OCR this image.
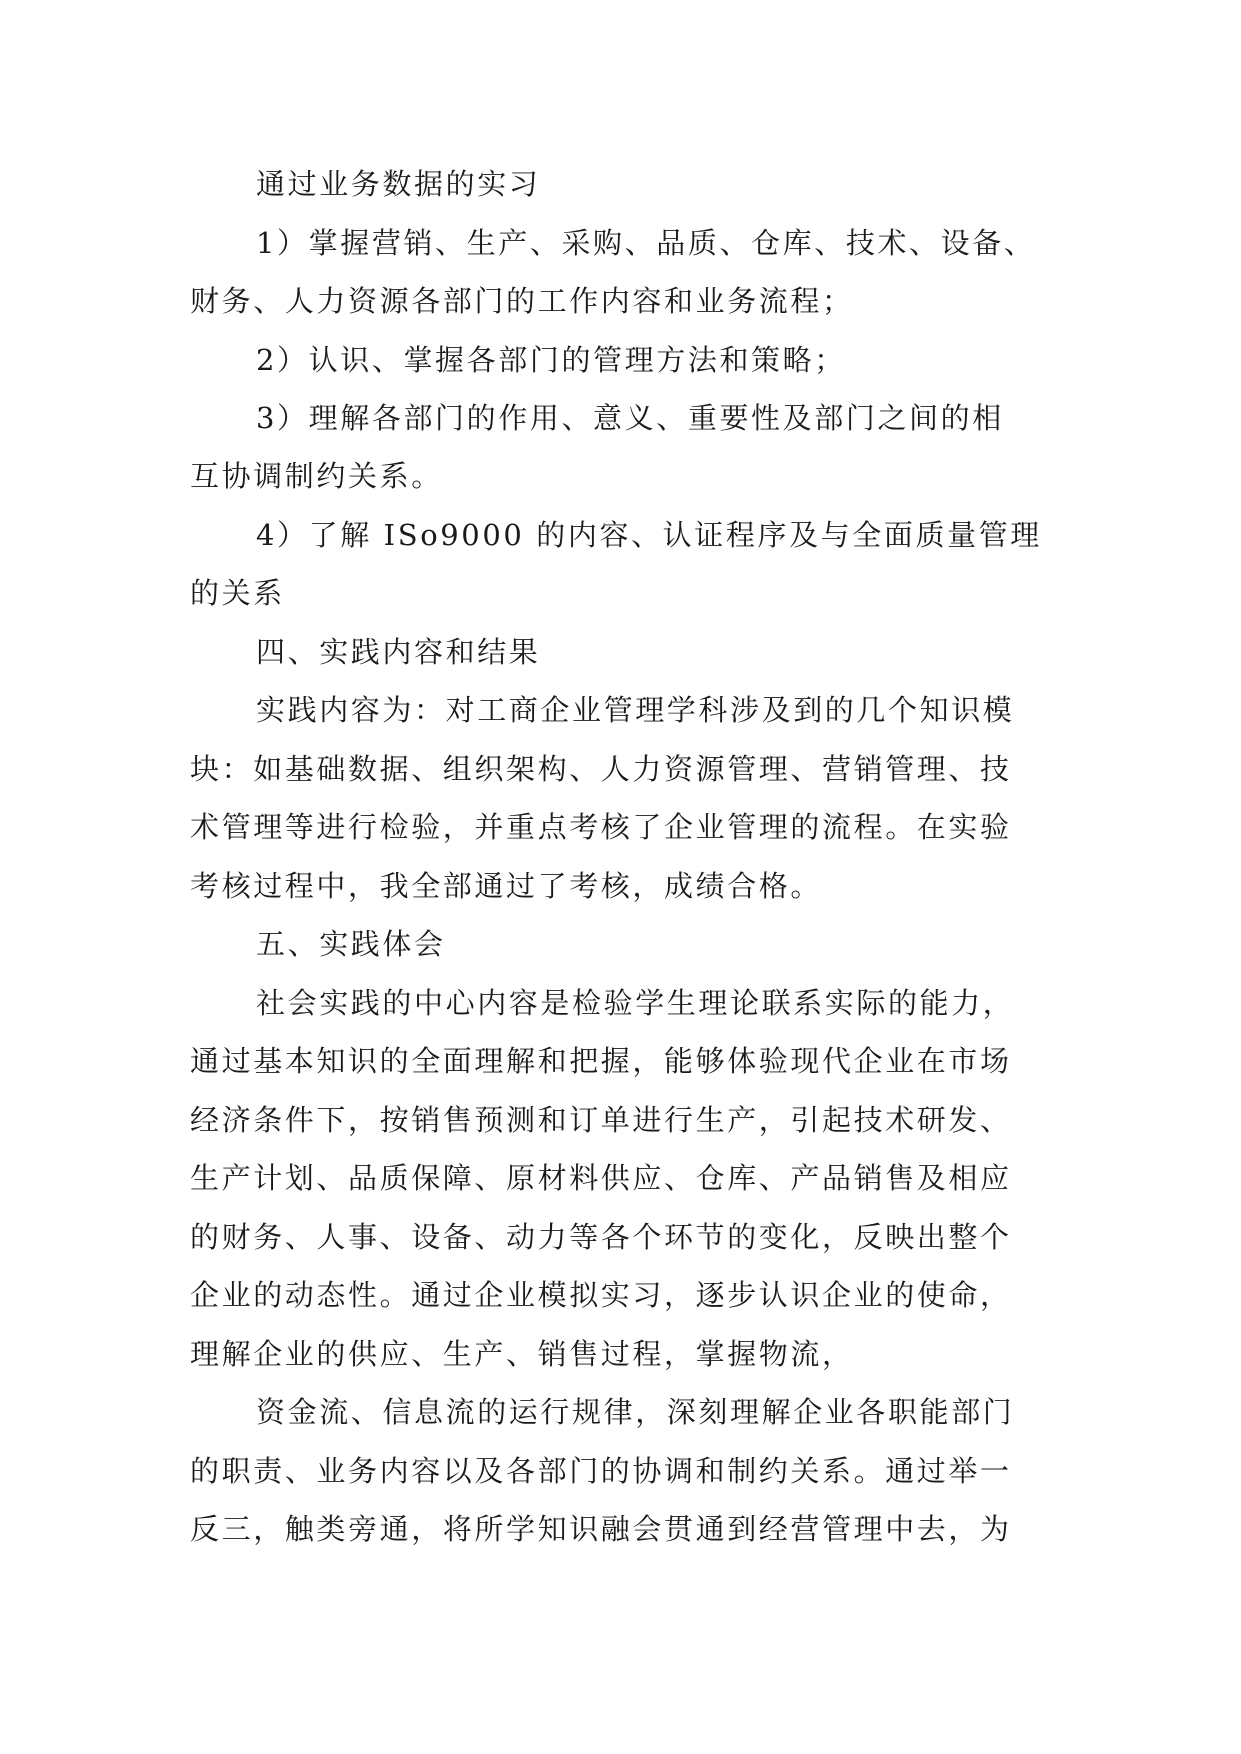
通过业务数据的实习
1）掌握营销、生产、采购、品质、仓库、技术、设备、
财务、人力资源各部门的工作内容和业务流程；
2）认识、掌握各部门的管理方法和策略；
3）理解各部门的作用、意义、重要性及部门之间的相
互协调制约关系。
4）了解 ISo9000 的内容、认证程序及与全面质量管理
的关系
四、实践内容和结果
实践内容为：对工商企业管理学科涉及到的几个知识模
块：如基础数据、组织架构、人力资源管理、营销管理、技
术管理等进行检验，并重点考核了企业管理的流程。在实验
考核过程中，我全部通过了考核，成绩合格。
五、实践体会
社会实践的中心内容是检验学生理论联系实际的能力，
通过基本知识的全面理解和把握，能够体验现代企业在市场
经济条件下，按销售预测和订单进行生产，引起技术研发、
生产计划、品质保障、原材料供应、仓库、产品销售及相应
的财务、人事、设备、动力等各个环节的变化，反映出整个
企业的动态性。通过企业模拟实习，逐步认识企业的使命，
理解企业的供应、生产、销售过程，掌握物流，
资金流、信息流的运行规律，深刻理解企业各职能部门
的职责、业务内容以及各部门的协调和制约关系。通过举一
反三，触类旁通，将所学知识融会贯通到经营管理中去，为
